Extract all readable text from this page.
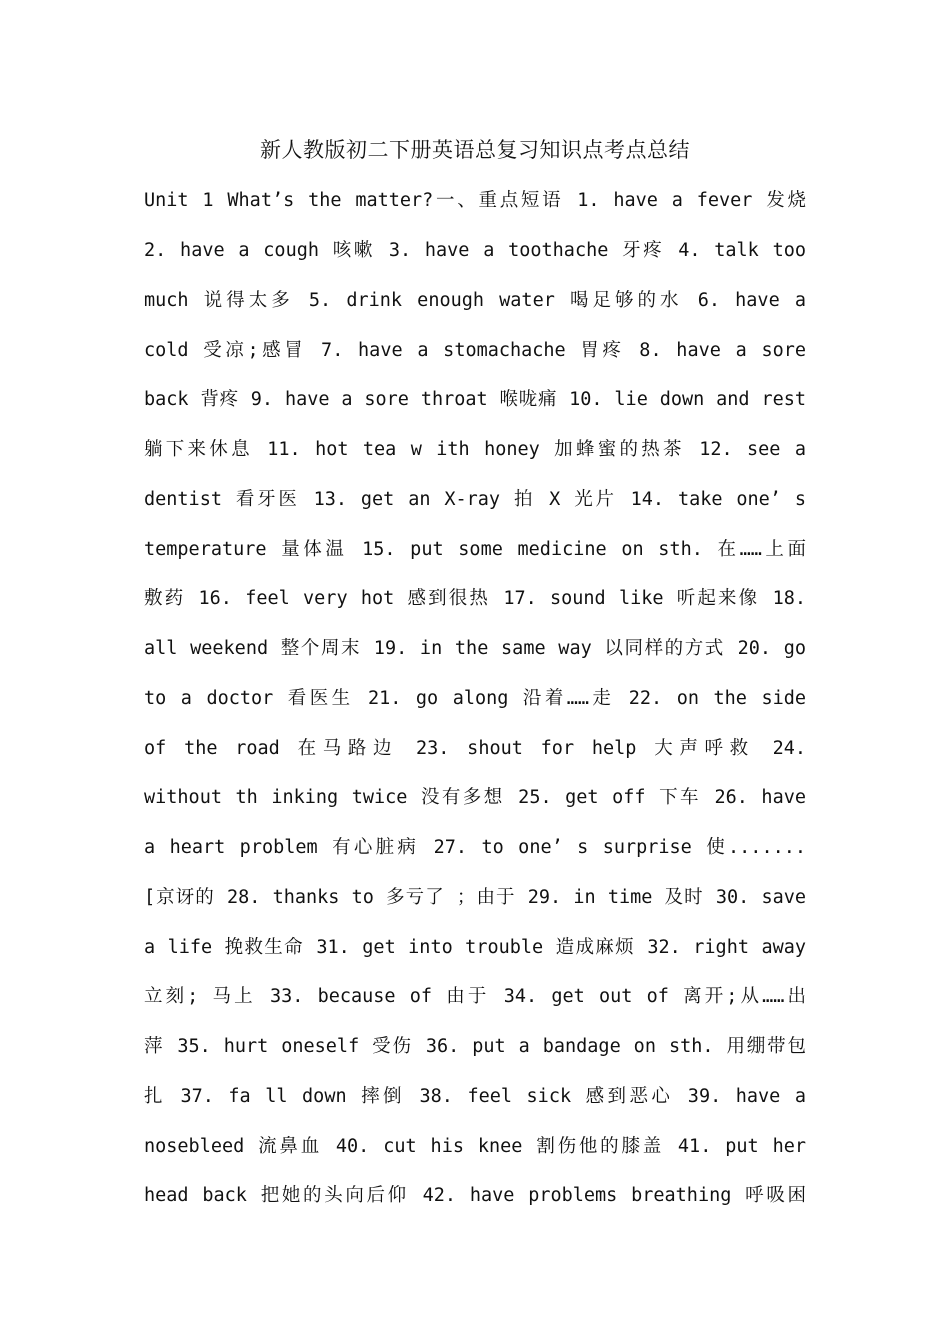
新人教版初二下册英语总复习知识点考点总结
Unit 1 What’s the matter?一、重点短语 1. have a fever 发烧
2. have a cough 咳嗽 3. have a toothache 牙疼 4. talk too
much 说得太多 5. drink enough water 喝足够的水 6. have a
cold 受凉;感冒 7. have a stomachache 胃疼 8. have a sore
back 背疼 9. have a sore throat 喉咙痛 10. lie down and rest
躺下来休息 11. hot tea w ith honey 加蜂蜜的热茶 12. see a
dentist 看牙医 13. get an X-ray 拍 X 光片 14. take one’ s
temperature 量体温 15. put some medicine on sth. 在……上面
敷药 16. feel very hot 感到很热 17. sound like 听起来像 18.
all weekend 整个周末 19. in the same way 以同样的方式 20. go
to a doctor 看医生 21. go along 沿着……走 22. on the side
of the road 在马路边 23. shout for help 大声呼救 24.
without th inking twice 没有多想 25. get off 下车 26. have
a heart problem 有心脏病 27. to one’ s surprise 使.......
[京讶的 28. thanks to 多亏了 ；由于 29. in time 及时 30. save
a life 挽救生命 31. get into trouble 造成麻烦 32. right away
立刻; 马上 33. because of 由于 34. get out of 离开;从……出
萍 35. hurt oneself 受伤 36. put a bandage on sth. 用绷带包
扎 37. fa ll down 摔倒 38. feel sick 感到恶心 39. have a
nosebleed 流鼻血 40. cut his knee 割伤他的膝盖 41. put her
head back 把她的头向后仰 42. have problems breathing 呼吸困
